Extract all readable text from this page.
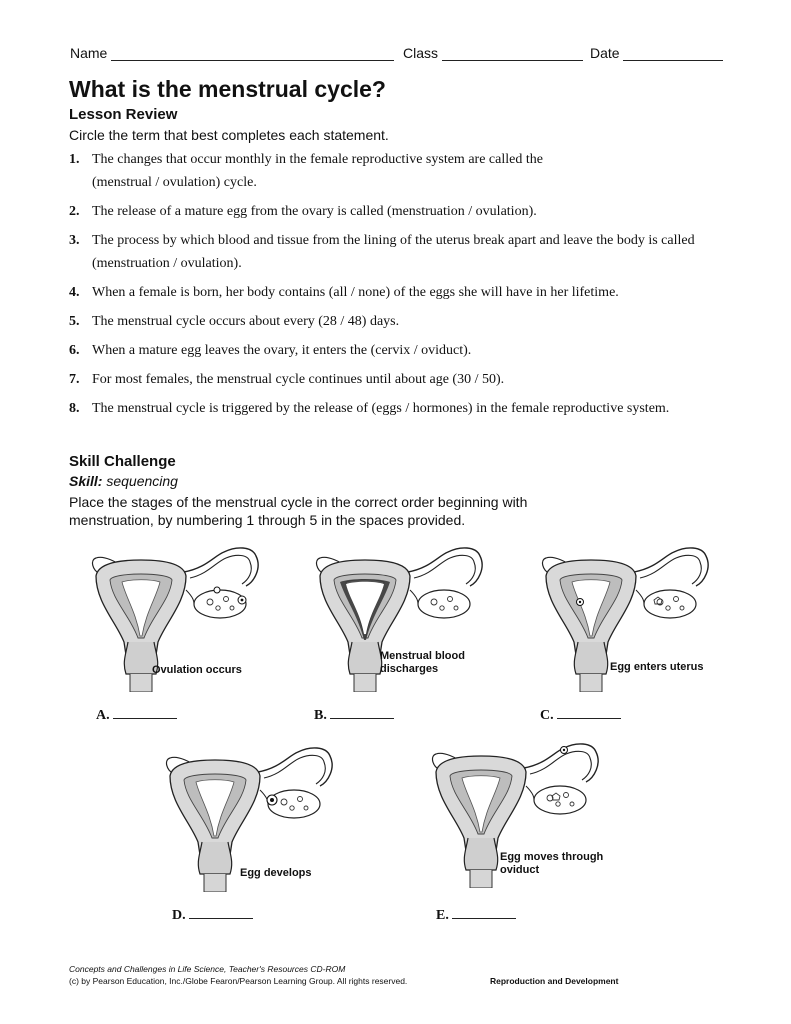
Name	Class	Date
What is the menstrual cycle?
Lesson Review
Circle the term that best completes each statement.
1. The changes that occur monthly in the female reproductive system are called the (menstrual / ovulation) cycle.
2. The release of a mature egg from the ovary is called (menstruation / ovulation).
3. The process by which blood and tissue from the lining of the uterus break apart and leave the body is called (menstruation / ovulation).
4. When a female is born, her body contains (all / none) of the eggs she will have in her lifetime.
5. The menstrual cycle occurs about every (28 / 48) days.
6. When a mature egg leaves the ovary, it enters the (cervix / oviduct).
7. For most females, the menstrual cycle continues until about age (30 / 50).
8. The menstrual cycle is triggered by the release of (eggs / hormones) in the female reproductive system.
Skill Challenge
Skill: sequencing
Place the stages of the menstrual cycle in the correct order beginning with menstruation, by numbering 1 through 5 in the spaces provided.
Ovulation occurs
A.
Menstrual blood discharges
B.
Egg enters uterus
C.
Egg develops
D.
Egg moves through oviduct
E.
Concepts and Challenges in Life Science, Teacher's Resources CD-ROM
(c) by Pearson Education, Inc./Globe Fearon/Pearson Learning Group. All rights reserved.	Reproduction and Development
